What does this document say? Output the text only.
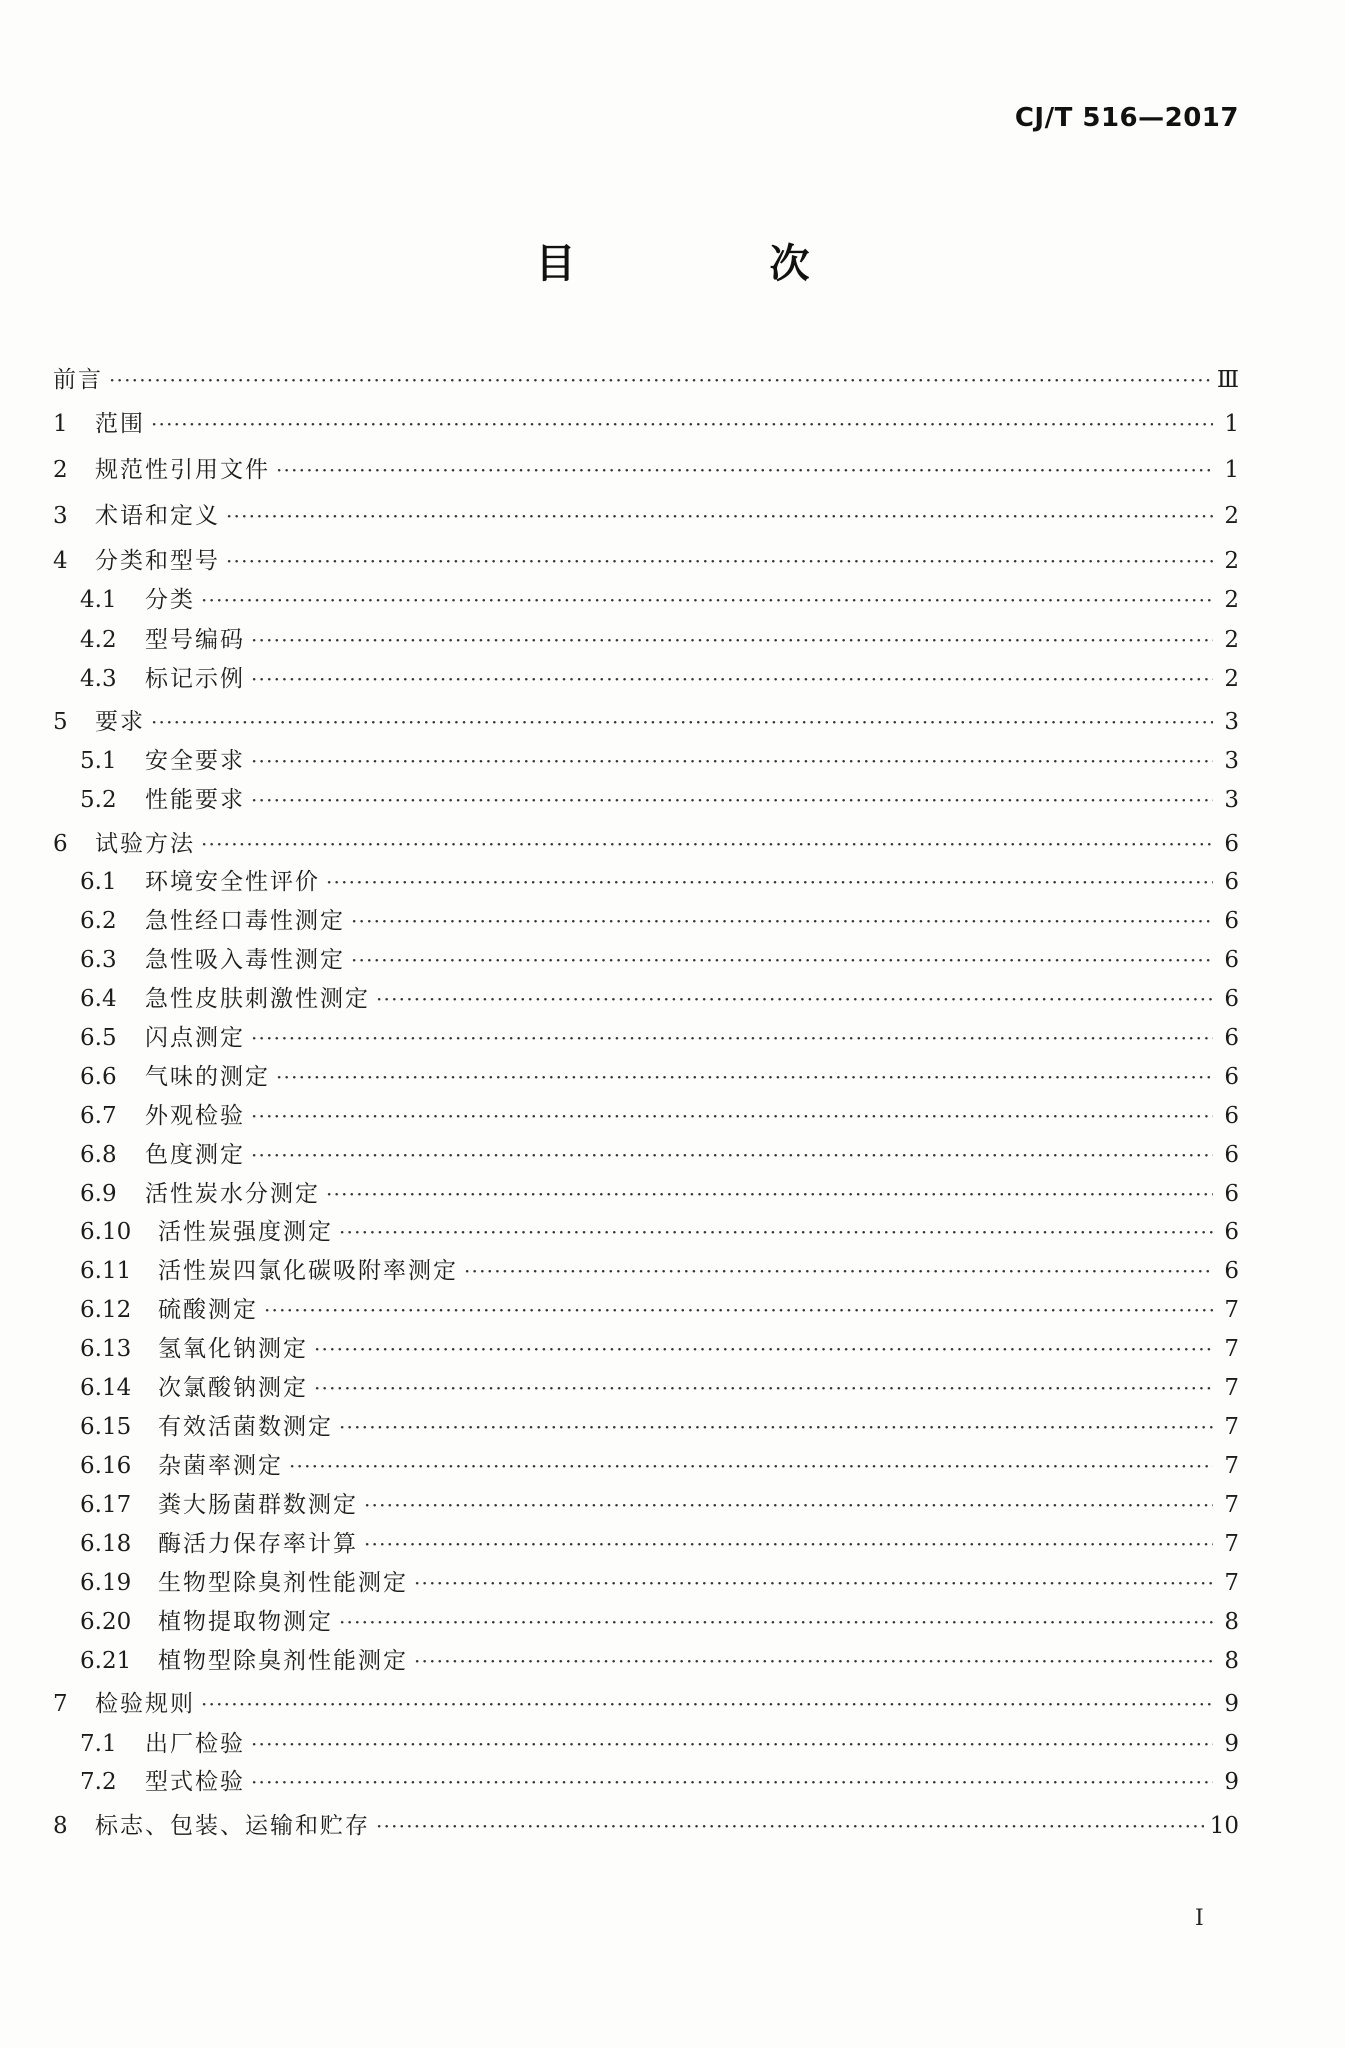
CJ/T 516—2017
目 次
前言 ·····	Ⅲ
1	范围 ·····	1
2	规范性引用文件 ·····	1
3	术语和定义 ·····	2
4	分类和型号 ·····	2
4.1	分类 ·····	2
4.2	型号编码 ·····	2
4.3	标记示例 ·····	2
5	要求 ·····	3
5.1	安全要求 ·····	3
5.2	性能要求 ·····	3
6	试验方法 ·····	6
6.1	环境安全性评价 ·····	6
6.2	急性经口毒性测定 ·····	6
6.3	急性吸入毒性测定 ·····	6
6.4	急性皮肤刺激性测定 ·····	6
6.5	闪点测定 ·····	6
6.6	气味的测定 ·····	6
6.7	外观检验 ·····	6
6.8	色度测定 ·····	6
6.9	活性炭水分测定 ·····	6
6.10	活性炭强度测定 ·····	6
6.11	活性炭四氯化碳吸附率测定 ·····	6
6.12	硫酸测定 ·····	7
6.13	氢氧化钠测定 ·····	7
6.14	次氯酸钠测定 ·····	7
6.15	有效活菌数测定 ·····	7
6.16	杂菌率测定 ·····	7
6.17	粪大肠菌群数测定 ·····	7
6.18	酶活力保存率计算 ·····	7
6.19	生物型除臭剂性能测定 ·····	7
6.20	植物提取物测定 ·····	8
6.21	植物型除臭剂性能测定 ·····	8
7	检验规则 ·····	9
7.1	出厂检验 ·····	9
7.2	型式检验 ·····	9
8	标志、包装、运输和贮存 ·····	10
I
